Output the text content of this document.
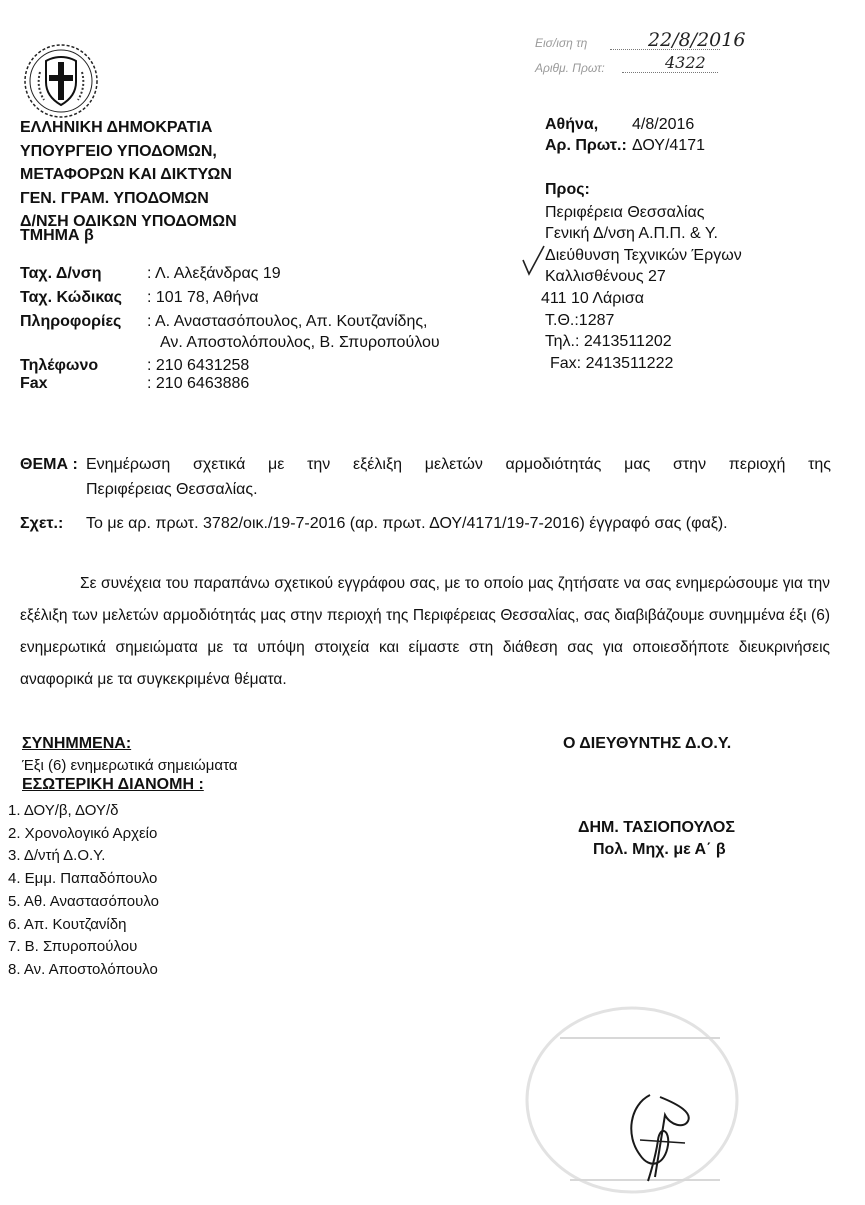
Εισ/ιση τη	22/8/2016
Αριθμ. Πρωτ:	4322
ΕΛΛΗΝΙΚΗ ΔΗΜΟΚΡΑΤΙΑ
ΥΠΟΥΡΓΕΙΟ ΥΠΟΔΟΜΩΝ,
ΜΕΤΑΦΟΡΩΝ ΚΑΙ ΔΙΚΤΥΩΝ
ΓΕΝ. ΓΡΑΜ. ΥΠΟΔΟΜΩΝ
Δ/ΝΣΗ ΟΔΙΚΩΝ ΥΠΟΔΟΜΩΝ
ΤΜΗΜΑ β
Ταχ. Δ/νση	: Λ. Αλεξάνδρας 19
Ταχ. Κώδικας : 101 78, Αθήνα
Πληροφορίες : Α. Αναστασόπουλος, Απ. Κουτζανίδης,
Αν. Αποστολόπουλος, Β. Σπυροπούλου
Τηλέφωνο	: 210 6431258
Fax	: 210 6463886
Αθήνα, 4/8/2016
Αρ. Πρωτ.: ΔΟΥ/4171
Προς:
Περιφέρεια Θεσσαλίας
Γενική Δ/νση Α.Π.Π. & Υ.
Διεύθυνση Τεχνικών Έργων
Καλλισθένους 27
411 10 Λάρισα
Τ.Θ.:1287
Τηλ.: 2413511202
Fax: 2413511222
ΘΕΜΑ : Ενημέρωση σχετικά με την εξέλιξη μελετών αρμοδιότητάς μας στην περιοχή της
Περιφέρειας Θεσσαλίας.
Σχετ.: Το με αρ. πρωτ. 3782/οικ./19-7-2016 (αρ. πρωτ. ΔΟΥ/4171/19-7-2016) έγγραφό σας (φαξ).
Σε συνέχεια του παραπάνω σχετικού εγγράφου σας, με το οποίο μας ζητήσατε να σας ενημερώσουμε για την εξέλιξη των μελετών αρμοδιότητάς μας στην περιοχή της Περιφέρειας Θεσσαλίας, σας διαβιβάζουμε συνημμένα έξι (6) ενημερωτικά σημειώματα με τα υπόψη στοιχεία και είμαστε στη διάθεση σας για οποιεσδήποτε διευκρινήσεις αναφορικά με τα συγκεκριμένα θέματα.
ΣΥΝΗΜΜΕΝΑ:
Έξι (6) ενημερωτικά σημειώματα
ΕΣΩΤΕΡΙΚΗ ΔΙΑΝΟΜΗ :
1. ΔΟΥ/β, ΔΟΥ/δ
2. Χρονολογικό Αρχείο
3. Δ/ντή Δ.Ο.Υ.
4. Εμμ. Παπαδόπουλο
5. Αθ. Αναστασόπουλο
6. Απ. Κουτζανίδη
7. Β. Σπυροπούλου
8. Αν. Αποστολόπουλο
Ο ΔΙΕΥΘΥΝΤΗΣ Δ.Ο.Υ.
ΔΗΜ. ΤΑΣΙΟΠΟΥΛΟΣ
Πολ. Μηχ. με Α΄ β
